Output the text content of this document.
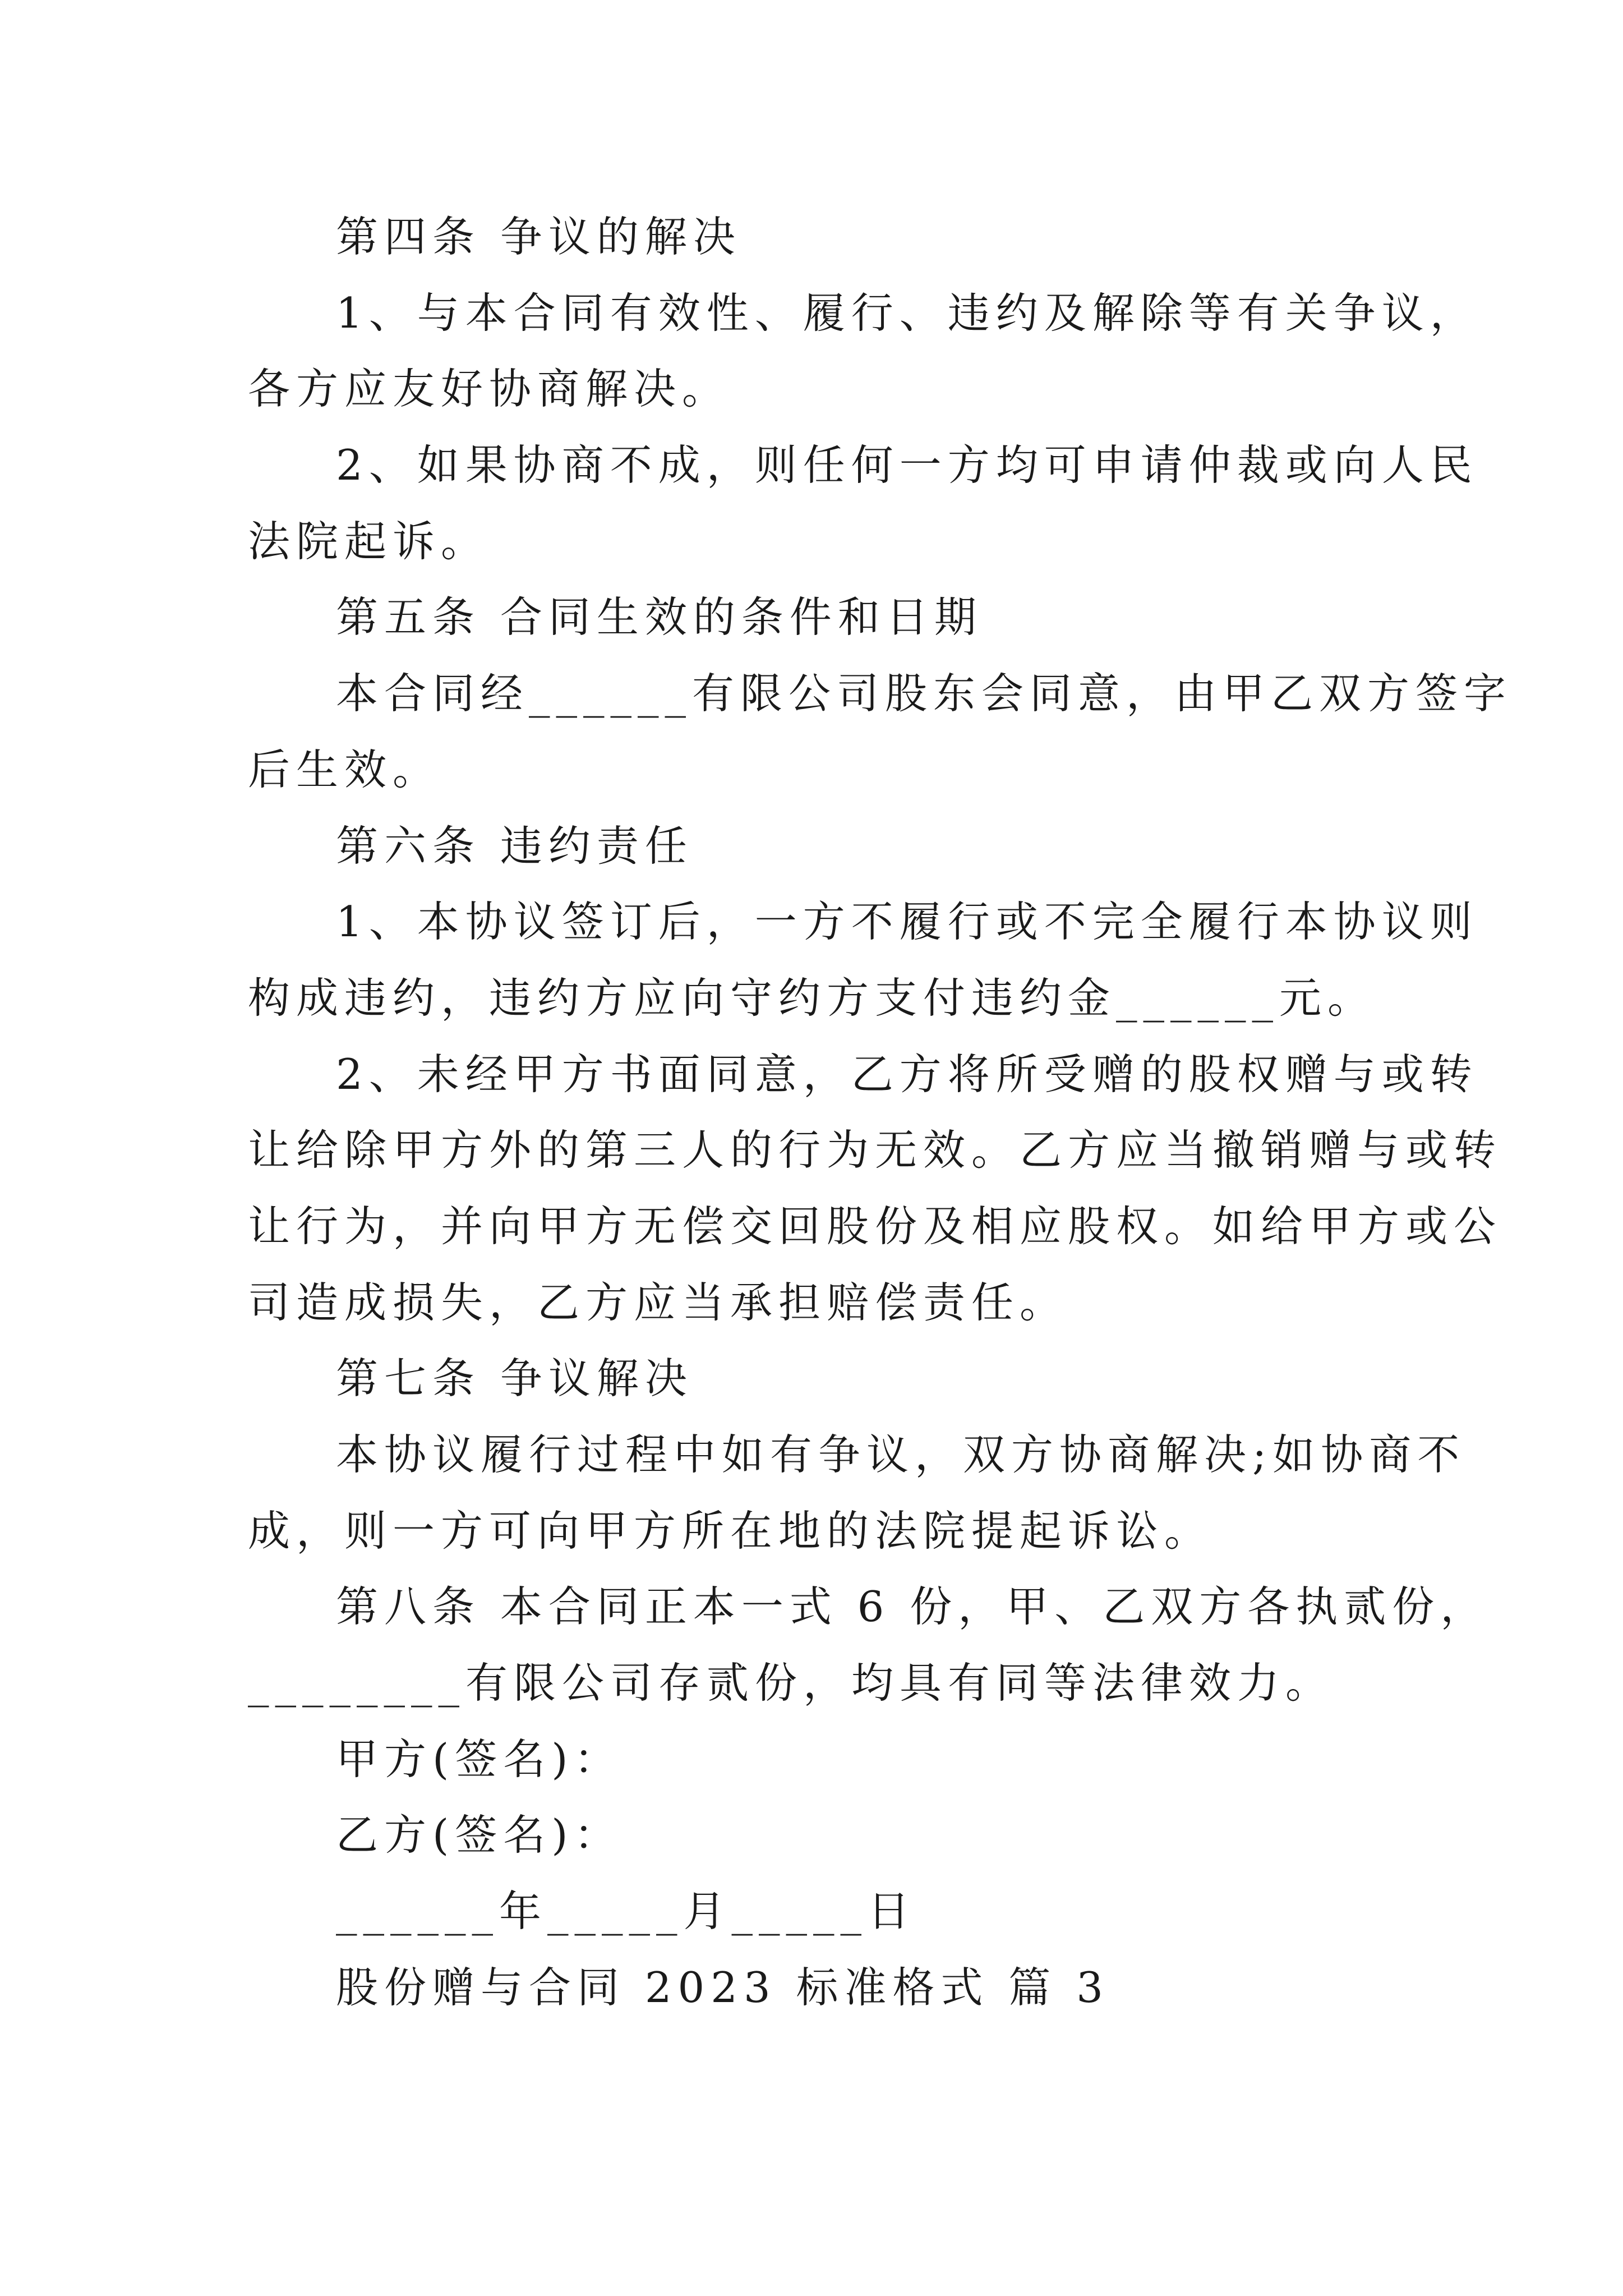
第四条 争议的解决
1、与本合同有效性、履行、违约及解除等有关争议，
各方应友好协商解决。
2、如果协商不成，则任何一方均可申请仲裁或向人民
法院起诉。
第五条 合同生效的条件和日期
本合同经______有限公司股东会同意，由甲乙双方签字
后生效。
第六条 违约责任
1、本协议签订后，一方不履行或不完全履行本协议则
构成违约，违约方应向守约方支付违约金______元。
2、未经甲方书面同意，乙方将所受赠的股权赠与或转
让给除甲方外的第三人的行为无效。乙方应当撤销赠与或转
让行为，并向甲方无偿交回股份及相应股权。如给甲方或公
司造成损失，乙方应当承担赔偿责任。
第七条 争议解决
本协议履行过程中如有争议，双方协商解决;如协商不
成，则一方可向甲方所在地的法院提起诉讼。
第八条 本合同正本一式 6 份，甲、乙双方各执贰份，
________有限公司存贰份，均具有同等法律效力。
甲方(签名)：
乙方(签名)：
______年_____月_____日
股份赠与合同 2023 标准格式 篇 3
